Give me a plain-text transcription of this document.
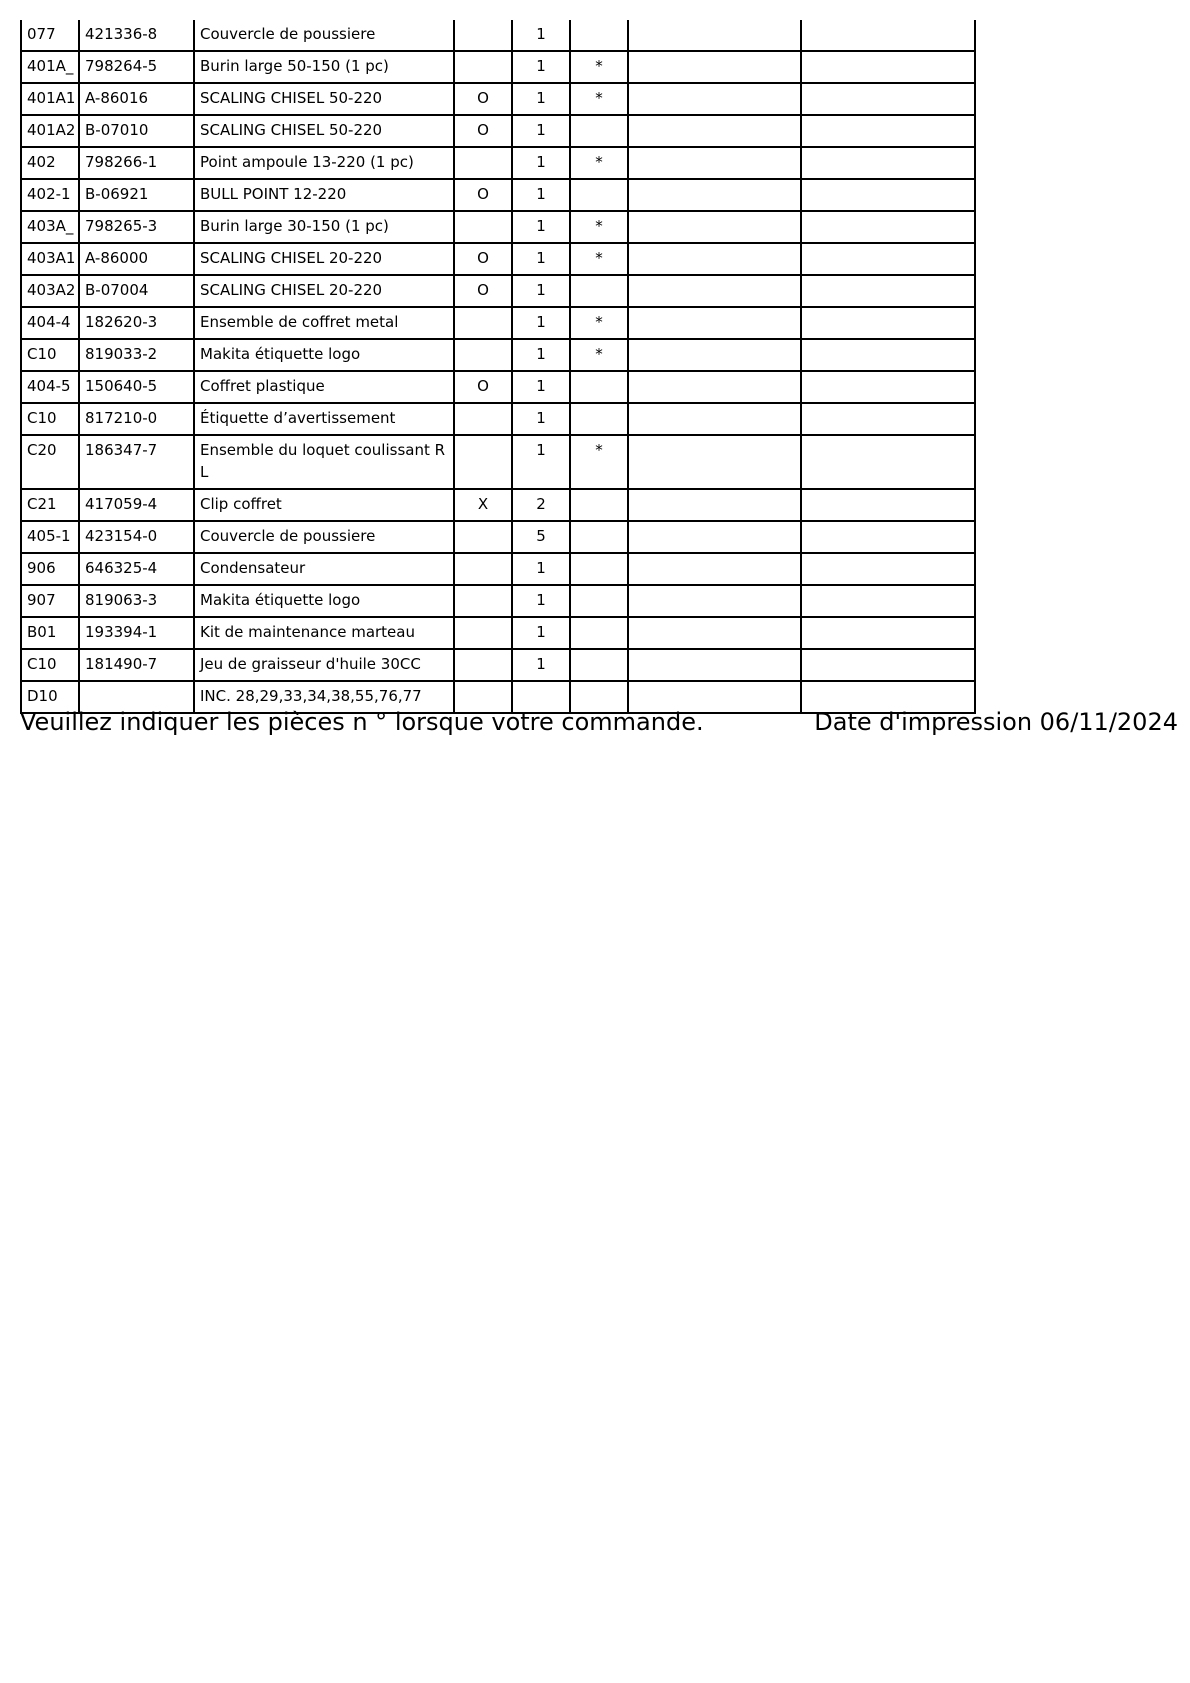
077	421336-8	Couvercle de poussiere		1			
401A_	798264-5	Burin large 50-150 (1 pc)		1	*		
401A1	A-86016	SCALING CHISEL 50-220	O	1	*		
401A2	B-07010	SCALING CHISEL 50-220	O	1			
402	798266-1	Point ampoule 13-220 (1 pc)		1	*		
402-1	B-06921	BULL POINT 12-220	O	1			
403A_	798265-3	Burin large 30-150 (1 pc)		1	*		
403A1	A-86000	SCALING CHISEL 20-220	O	1	*		
403A2	B-07004	SCALING CHISEL 20-220	O	1			
404-4	182620-3	Ensemble de coffret metal		1	*		
C10	819033-2	Makita étiquette logo		1	*		
404-5	150640-5	Coffret plastique	O	1			
C10	817210-0	Étiquette d’avertissement		1			
C20	186347-7	Ensemble du loquet coulissant R L		1	*		
C21	417059-4	Clip coffret	X	2			
405-1	423154-0	Couvercle de poussiere		5			
906	646325-4	Condensateur		1			
907	819063-3	Makita étiquette logo		1			
B01	193394-1	Kit de maintenance marteau		1			
C10	181490-7	Jeu de graisseur d'huile 30CC		1			
D10		INC. 28,29,33,34,38,55,76,77					
Veuillez indiquer les pièces n ° lorsque votre commande.	Date d'impression 06/11/2024
